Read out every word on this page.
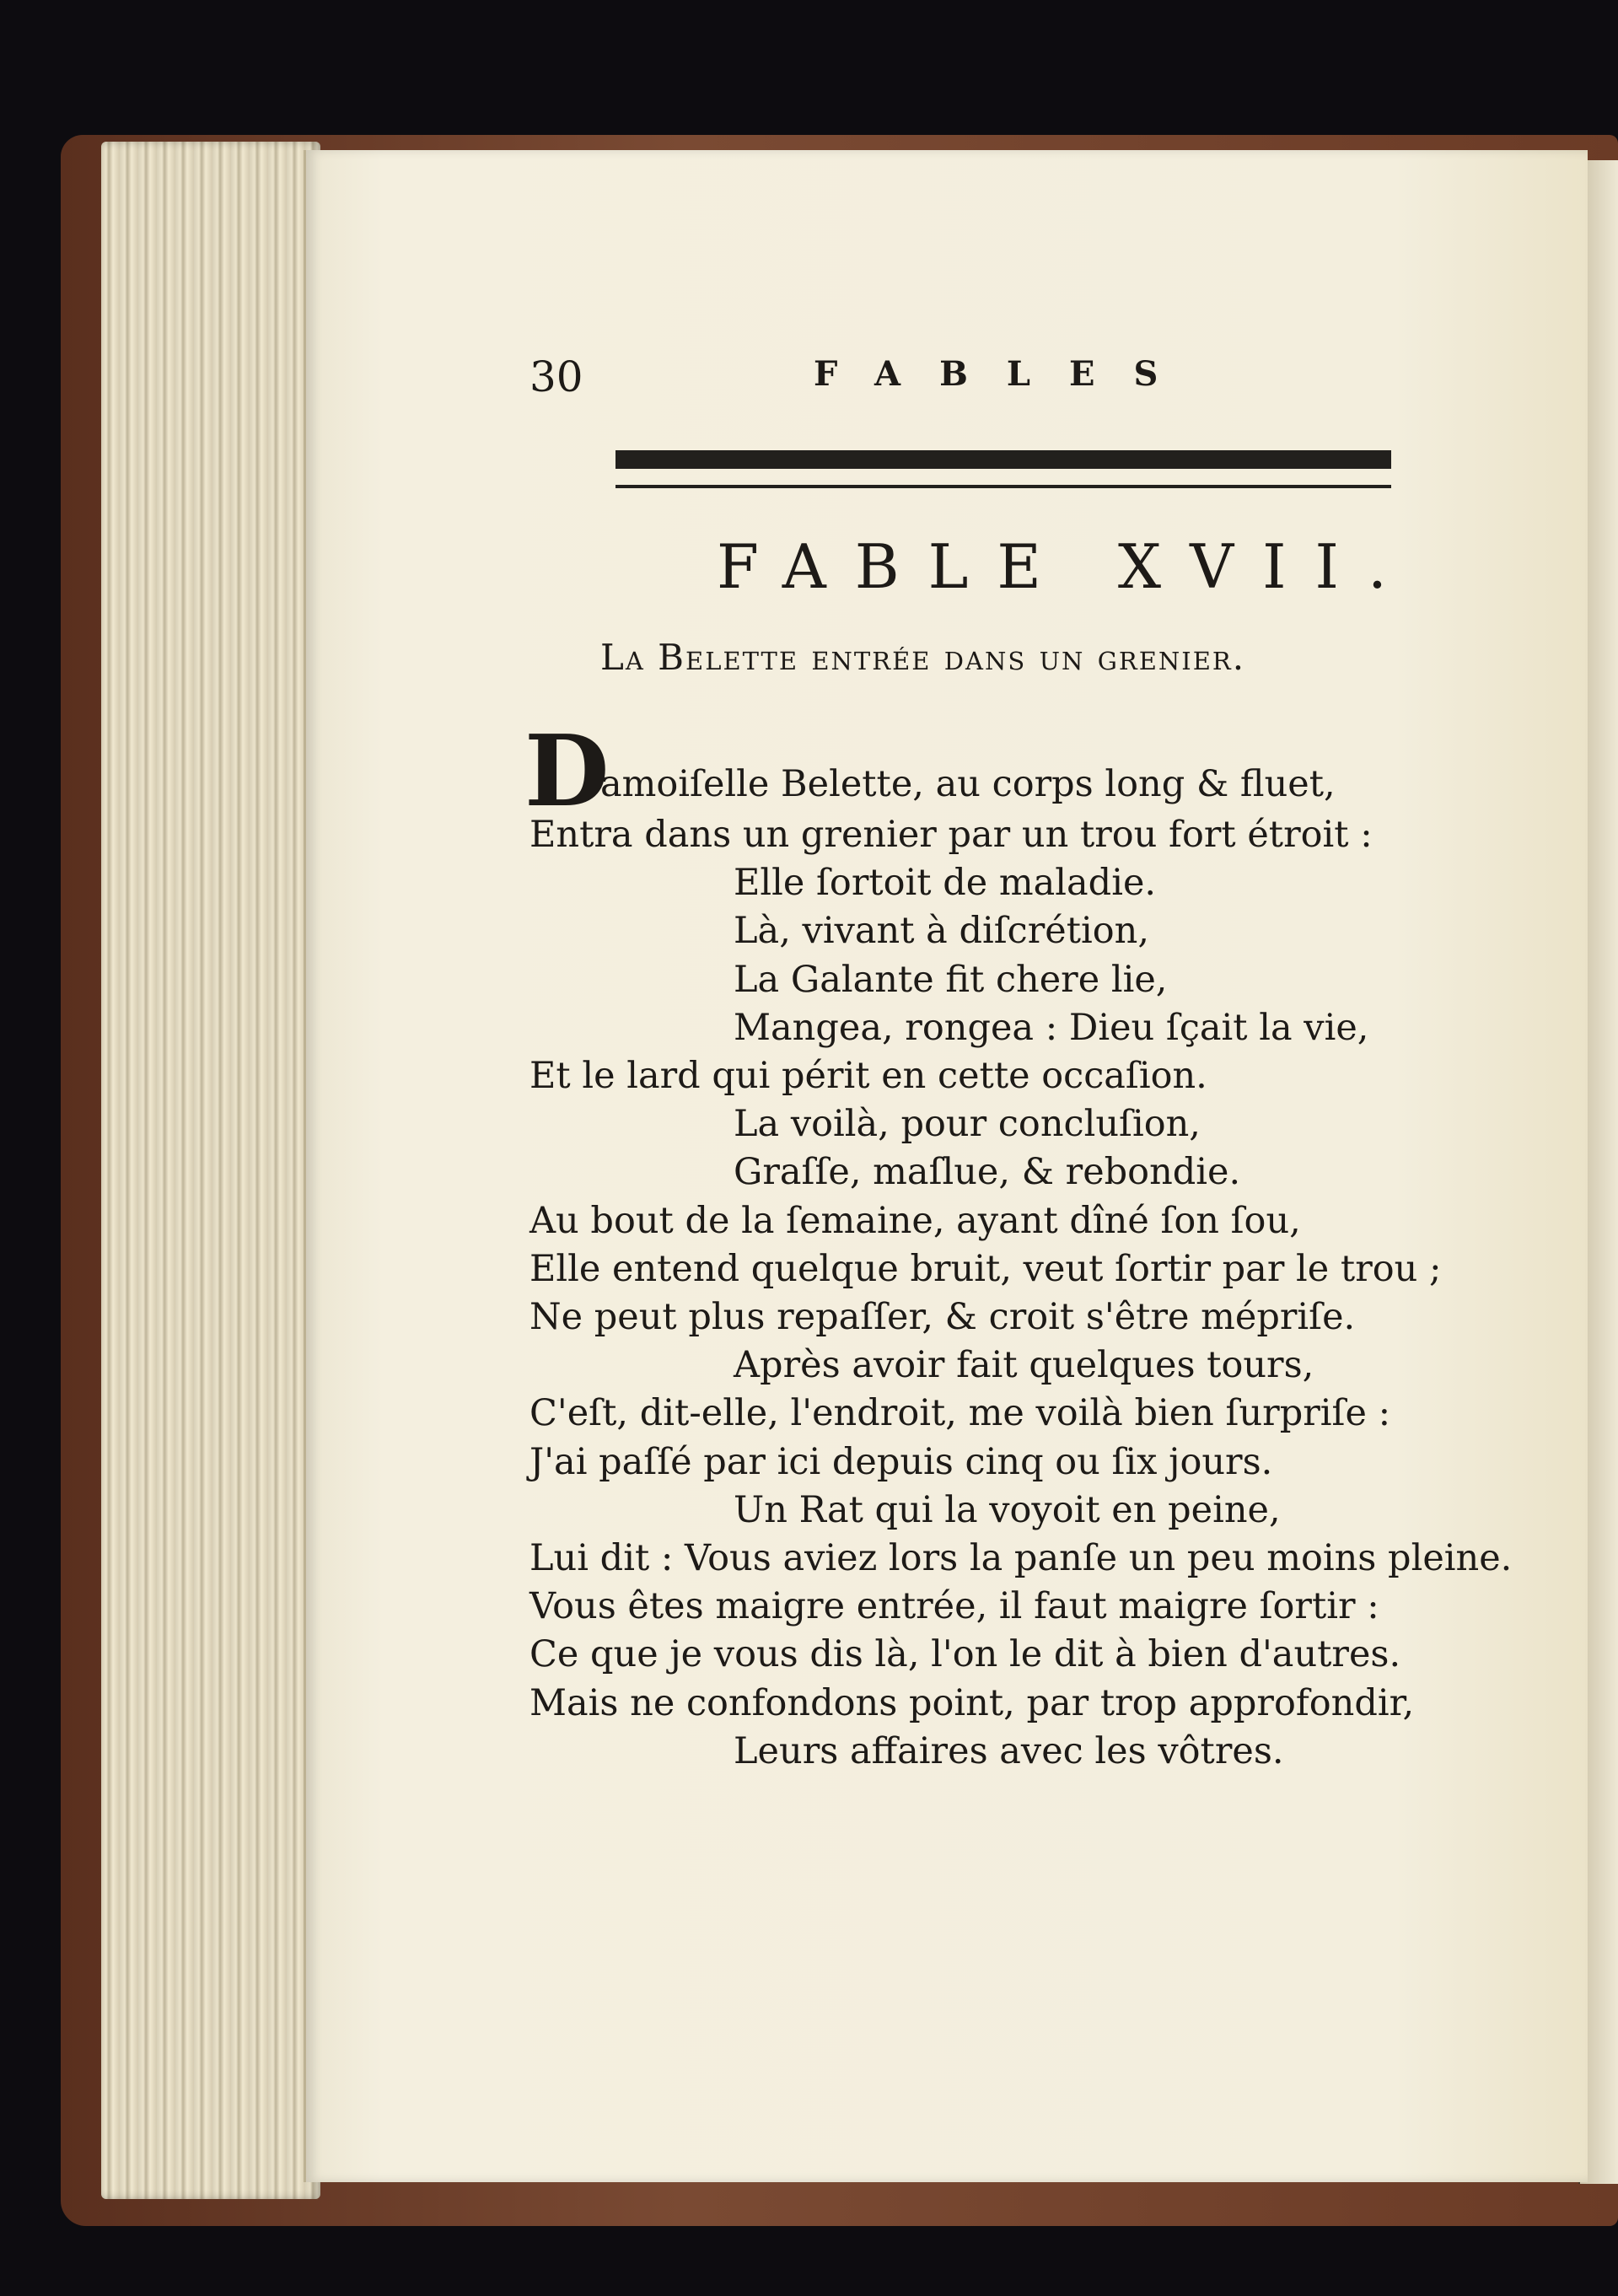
30	FABLES
FABLE XVII.
La Belette entrée dans un grenier.
D
amoiſelle Belette, au corps long & fluet,
Entra dans un grenier par un trou fort étroit :
Elle ſortoit de maladie.
Là, vivant à diſcrétion,
La Galante fit chere lie,
Mangea, rongea : Dieu ſçait la vie,
Et le lard qui périt en cette occaſion.
La voilà, pour concluſion,
Graſſe, maſlue, & rebondie.
Au bout de la ſemaine, ayant dîné ſon ſou,
Elle entend quelque bruit, veut ſortir par le trou ;
Ne peut plus repaſſer, & croit s'être mépriſe.
Après avoir fait quelques tours,
C'eſt, dit-elle, l'endroit, me voilà bien ſurpriſe :
J'ai paſſé par ici depuis cinq ou ſix jours.
Un Rat qui la voyoit en peine,
Lui dit : Vous aviez lors la panſe un peu moins pleine.
Vous êtes maigre entrée, il faut maigre ſortir :
Ce que je vous dis là, l'on le dit à bien d'autres.
Mais ne confondons point, par trop approfondir,
Leurs affaires avec les vôtres.
